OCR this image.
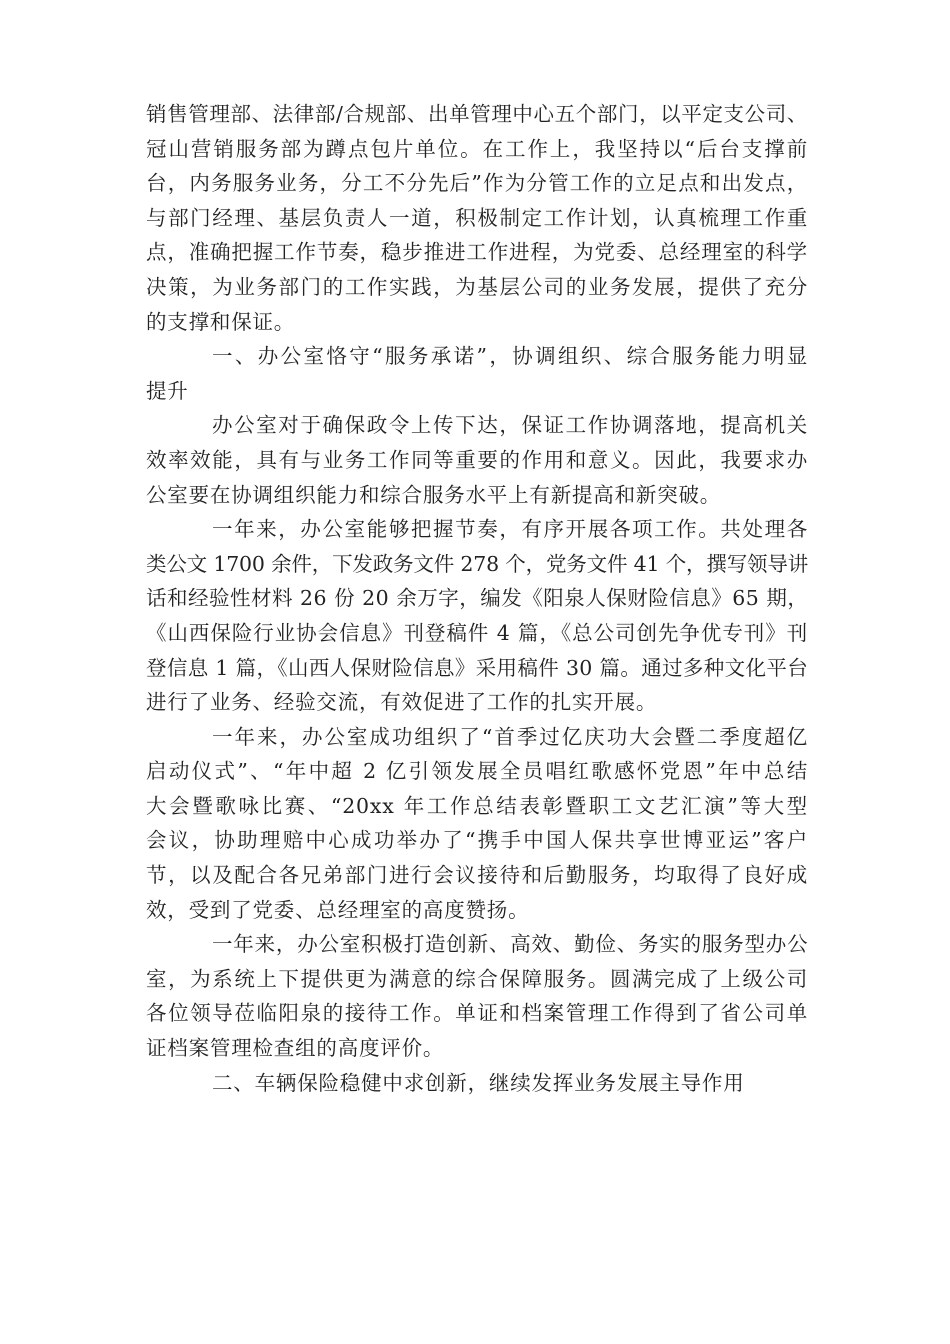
销售管理部、法律部/合规部、出单管理中心五个部门，以平定支公司、
冠山营销服务部为蹲点包片单位。在工作上，我坚持以“后台支撑前
台，内务服务业务，分工不分先后”作为分管工作的立足点和出发点，
与部门经理、基层负责人一道，积极制定工作计划，认真梳理工作重
点，准确把握工作节奏，稳步推进工作进程，为党委、总经理室的科学
决策，为业务部门的工作实践，为基层公司的业务发展，提供了充分
的支撑和保证。
一、办公室恪守“服务承诺”，协调组织、综合服务能力明显
提升
办公室对于确保政令上传下达，保证工作协调落地，提高机关
效率效能，具有与业务工作同等重要的作用和意义。因此，我要求办
公室要在协调组织能力和综合服务水平上有新提高和新突破。
一年来，办公室能够把握节奏，有序开展各项工作。共处理各
类公文 1700 余件，下发政务文件 278 个，党务文件 41 个，撰写领导讲
话和经验性材料 26 份 20 余万字，编发《阳泉人保财险信息》65 期，
《山西保险行业协会信息》刊登稿件 4 篇，《总公司创先争优专刊》刊
登信息 1 篇，《山西人保财险信息》采用稿件 30 篇。通过多种文化平台
进行了业务、经验交流，有效促进了工作的扎实开展。
一年来，办公室成功组织了“首季过亿庆功大会暨二季度超亿
启动仪式”、“年中超 2 亿引领发展全员唱红歌感怀党恩”年中总结
大会暨歌咏比赛、“20xx 年工作总结表彰暨职工文艺汇演”等大型
会议，协助理赔中心成功举办了“携手中国人保共享世博亚运”客户
节，以及配合各兄弟部门进行会议接待和后勤服务，均取得了良好成
效，受到了党委、总经理室的高度赞扬。
一年来，办公室积极打造创新、高效、勤俭、务实的服务型办公
室，为系统上下提供更为满意的综合保障服务。圆满完成了上级公司
各位领导莅临阳泉的接待工作。单证和档案管理工作得到了省公司单
证档案管理检查组的高度评价。
二、车辆保险稳健中求创新，继续发挥业务发展主导作用
